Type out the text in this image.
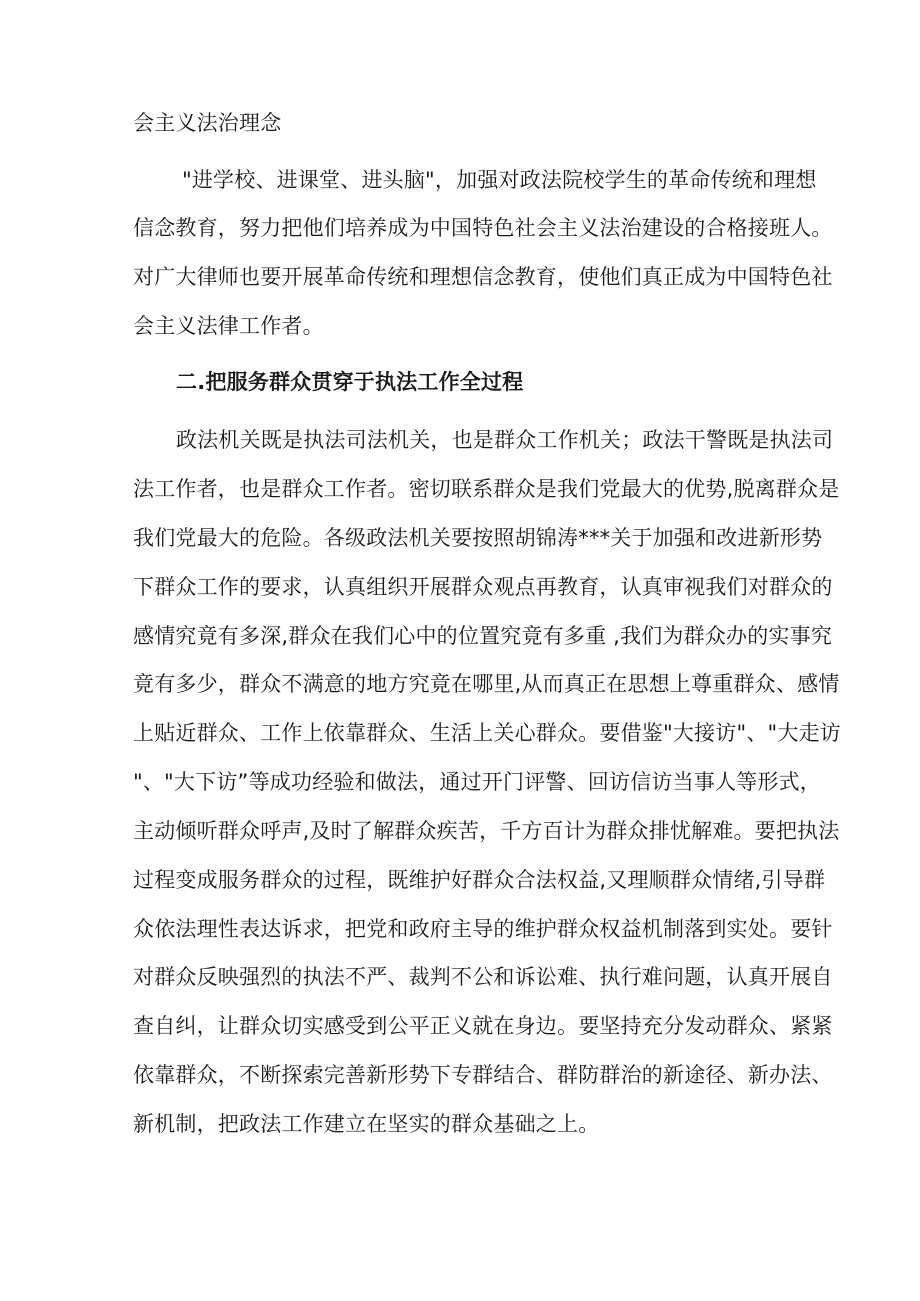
会主义法治理念
"进学校、进课堂、进头脑"，加强对政法院校学生的革命传统和理想
信念教育，努力把他们培养成为中国特色社会主义法治建设的合格接班人。
对广大律师也要开展革命传统和理想信念教育，使他们真正成为中国特色社
会主义法律工作者。
二.把服务群众贯穿于执法工作全过程
政法机关既是执法司法机关，也是群众工作机关；政法干警既是执法司
法工作者，也是群众工作者。密切联系群众是我们党最大的优势,脱离群众是
我们党最大的危险。各级政法机关要按照胡锦涛***关于加强和改进新形势
下群众工作的要求，认真组织开展群众观点再教育，认真审视我们对群众的
感情究竟有多深,群众在我们心中的位置究竟有多重 ,我们为群众办的实事究
竟有多少，群众不满意的地方究竟在哪里,从而真正在思想上尊重群众、感情
上贴近群众、工作上依靠群众、生活上关心群众。要借鉴"大接访"、"大走访
"、"大下访”等成功经验和做法，通过开门评警、回访信访当事人等形式，
主动倾听群众呼声,及时了解群众疾苦，千方百计为群众排忧解难。要把执法
过程变成服务群众的过程，既维护好群众合法权益,又理顺群众情绪,引导群
众依法理性表达诉求，把党和政府主导的维护群众权益机制落到实处。要针
对群众反映强烈的执法不严、裁判不公和诉讼难、执行难问题，认真开展自
查自纠，让群众切实感受到公平正义就在身边。要坚持充分发动群众、紧紧
依靠群众，不断探索完善新形势下专群结合、群防群治的新途径、新办法、
新机制，把政法工作建立在坚实的群众基础之上。
